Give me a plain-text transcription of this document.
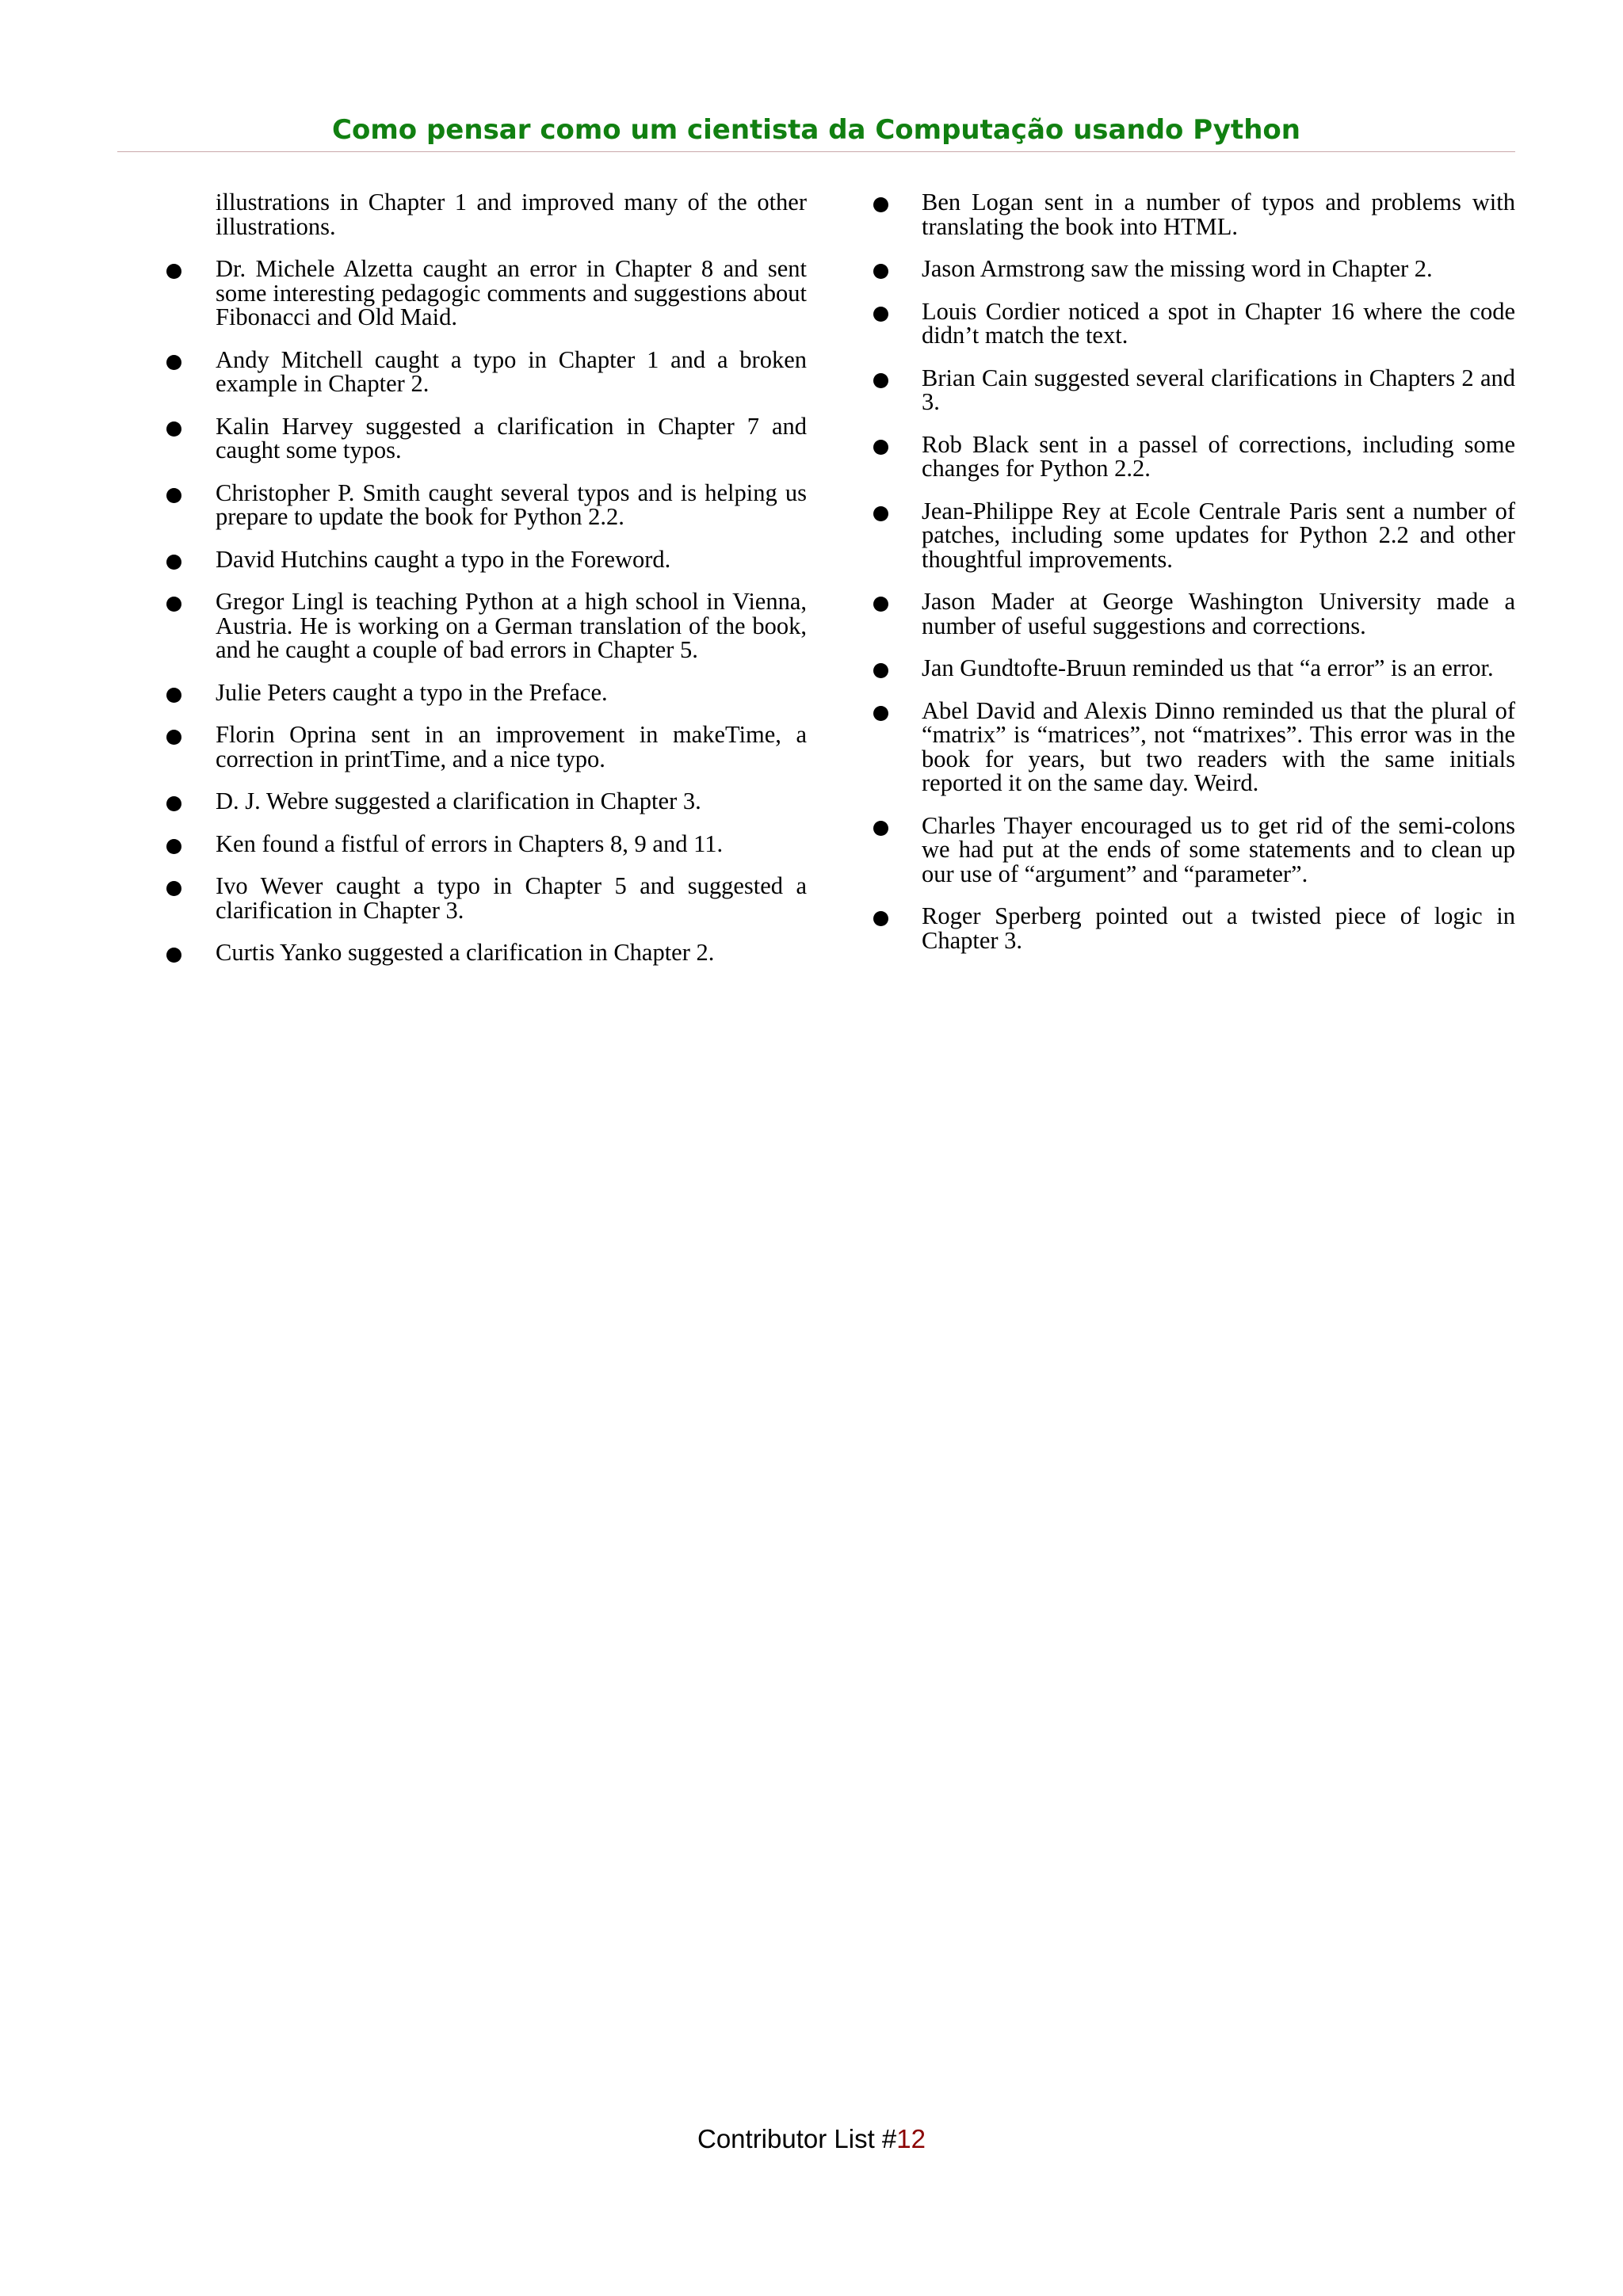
Como pensar como um cientista da Computação usando Python
illustrations in Chapter 1 and improved many of the other illustrations.
Dr. Michele Alzetta caught an error in Chapter 8 and sent some interesting pedagogic comments and suggestions about Fibonacci and Old Maid.
Andy Mitchell caught a typo in Chapter 1 and a broken example in Chapter 2.
Kalin Harvey suggested a clarification in Chapter 7 and caught some typos.
Christopher P. Smith caught several typos and is helping us prepare to update the book for Python 2.2.
David Hutchins caught a typo in the Foreword.
Gregor Lingl is teaching Python at a high school in Vienna, Austria. He is working on a German translation of the book, and he caught a couple of bad errors in Chapter 5.
Julie Peters caught a typo in the Preface.
Florin Oprina sent in an improvement in makeTime, a correction in printTime, and a nice typo.
D. J. Webre suggested a clarification in Chapter 3.
Ken found a fistful of errors in Chapters 8, 9 and 11.
Ivo Wever caught a typo in Chapter 5 and suggested a clarification in Chapter 3.
Curtis Yanko suggested a clarification in Chapter 2.
Ben Logan sent in a number of typos and problems with translating the book into HTML.
Jason Armstrong saw the missing word in Chapter 2.
Louis Cordier noticed a spot in Chapter 16 where the code didn’t match the text.
Brian Cain suggested several clarifications in Chapters 2 and 3.
Rob Black sent in a passel of corrections, including some changes for Python 2.2.
Jean-Philippe Rey at Ecole Centrale Paris sent a number of patches, including some updates for Python 2.2 and other thoughtful improvements.
Jason Mader at George Washington University made a number of useful suggestions and corrections.
Jan Gundtofte-Bruun reminded us that “a error” is an error.
Abel David and Alexis Dinno reminded us that the plural of “matrix” is “matrices”, not “matrixes”. This error was in the book for years, but two readers with the same initials reported it on the same day. Weird.
Charles Thayer encouraged us to get rid of the semi-colons we had put at the ends of some statements and to clean up our use of “argument” and “parameter”.
Roger Sperberg pointed out a twisted piece of logic in Chapter 3.
Contributor List #12
